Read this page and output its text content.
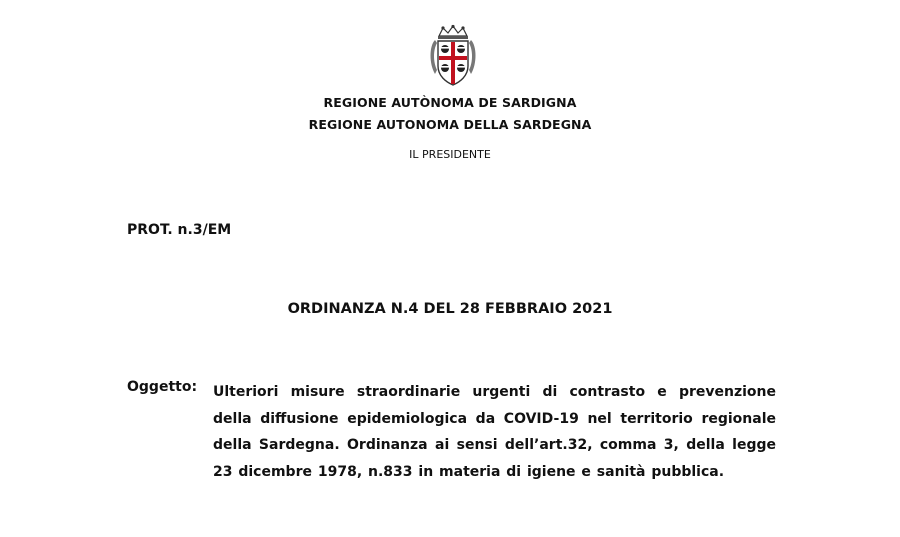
REGIONE AUTÒNOMA DE SARDIGNA
REGIONE AUTONOMA DELLA SARDEGNA
IL PRESIDENTE
PROT. n.3/EM
ORDINANZA N.4 DEL 28 FEBBRAIO 2021
Oggetto: Ulteriori misure straordinarie urgenti di contrasto e prevenzione della diffusione epidemiologica da COVID-19 nel territorio regionale della Sardegna. Ordinanza ai sensi dell’art.32, comma 3, della legge 23 dicembre 1978, n.833 in materia di igiene e sanità pubblica.
